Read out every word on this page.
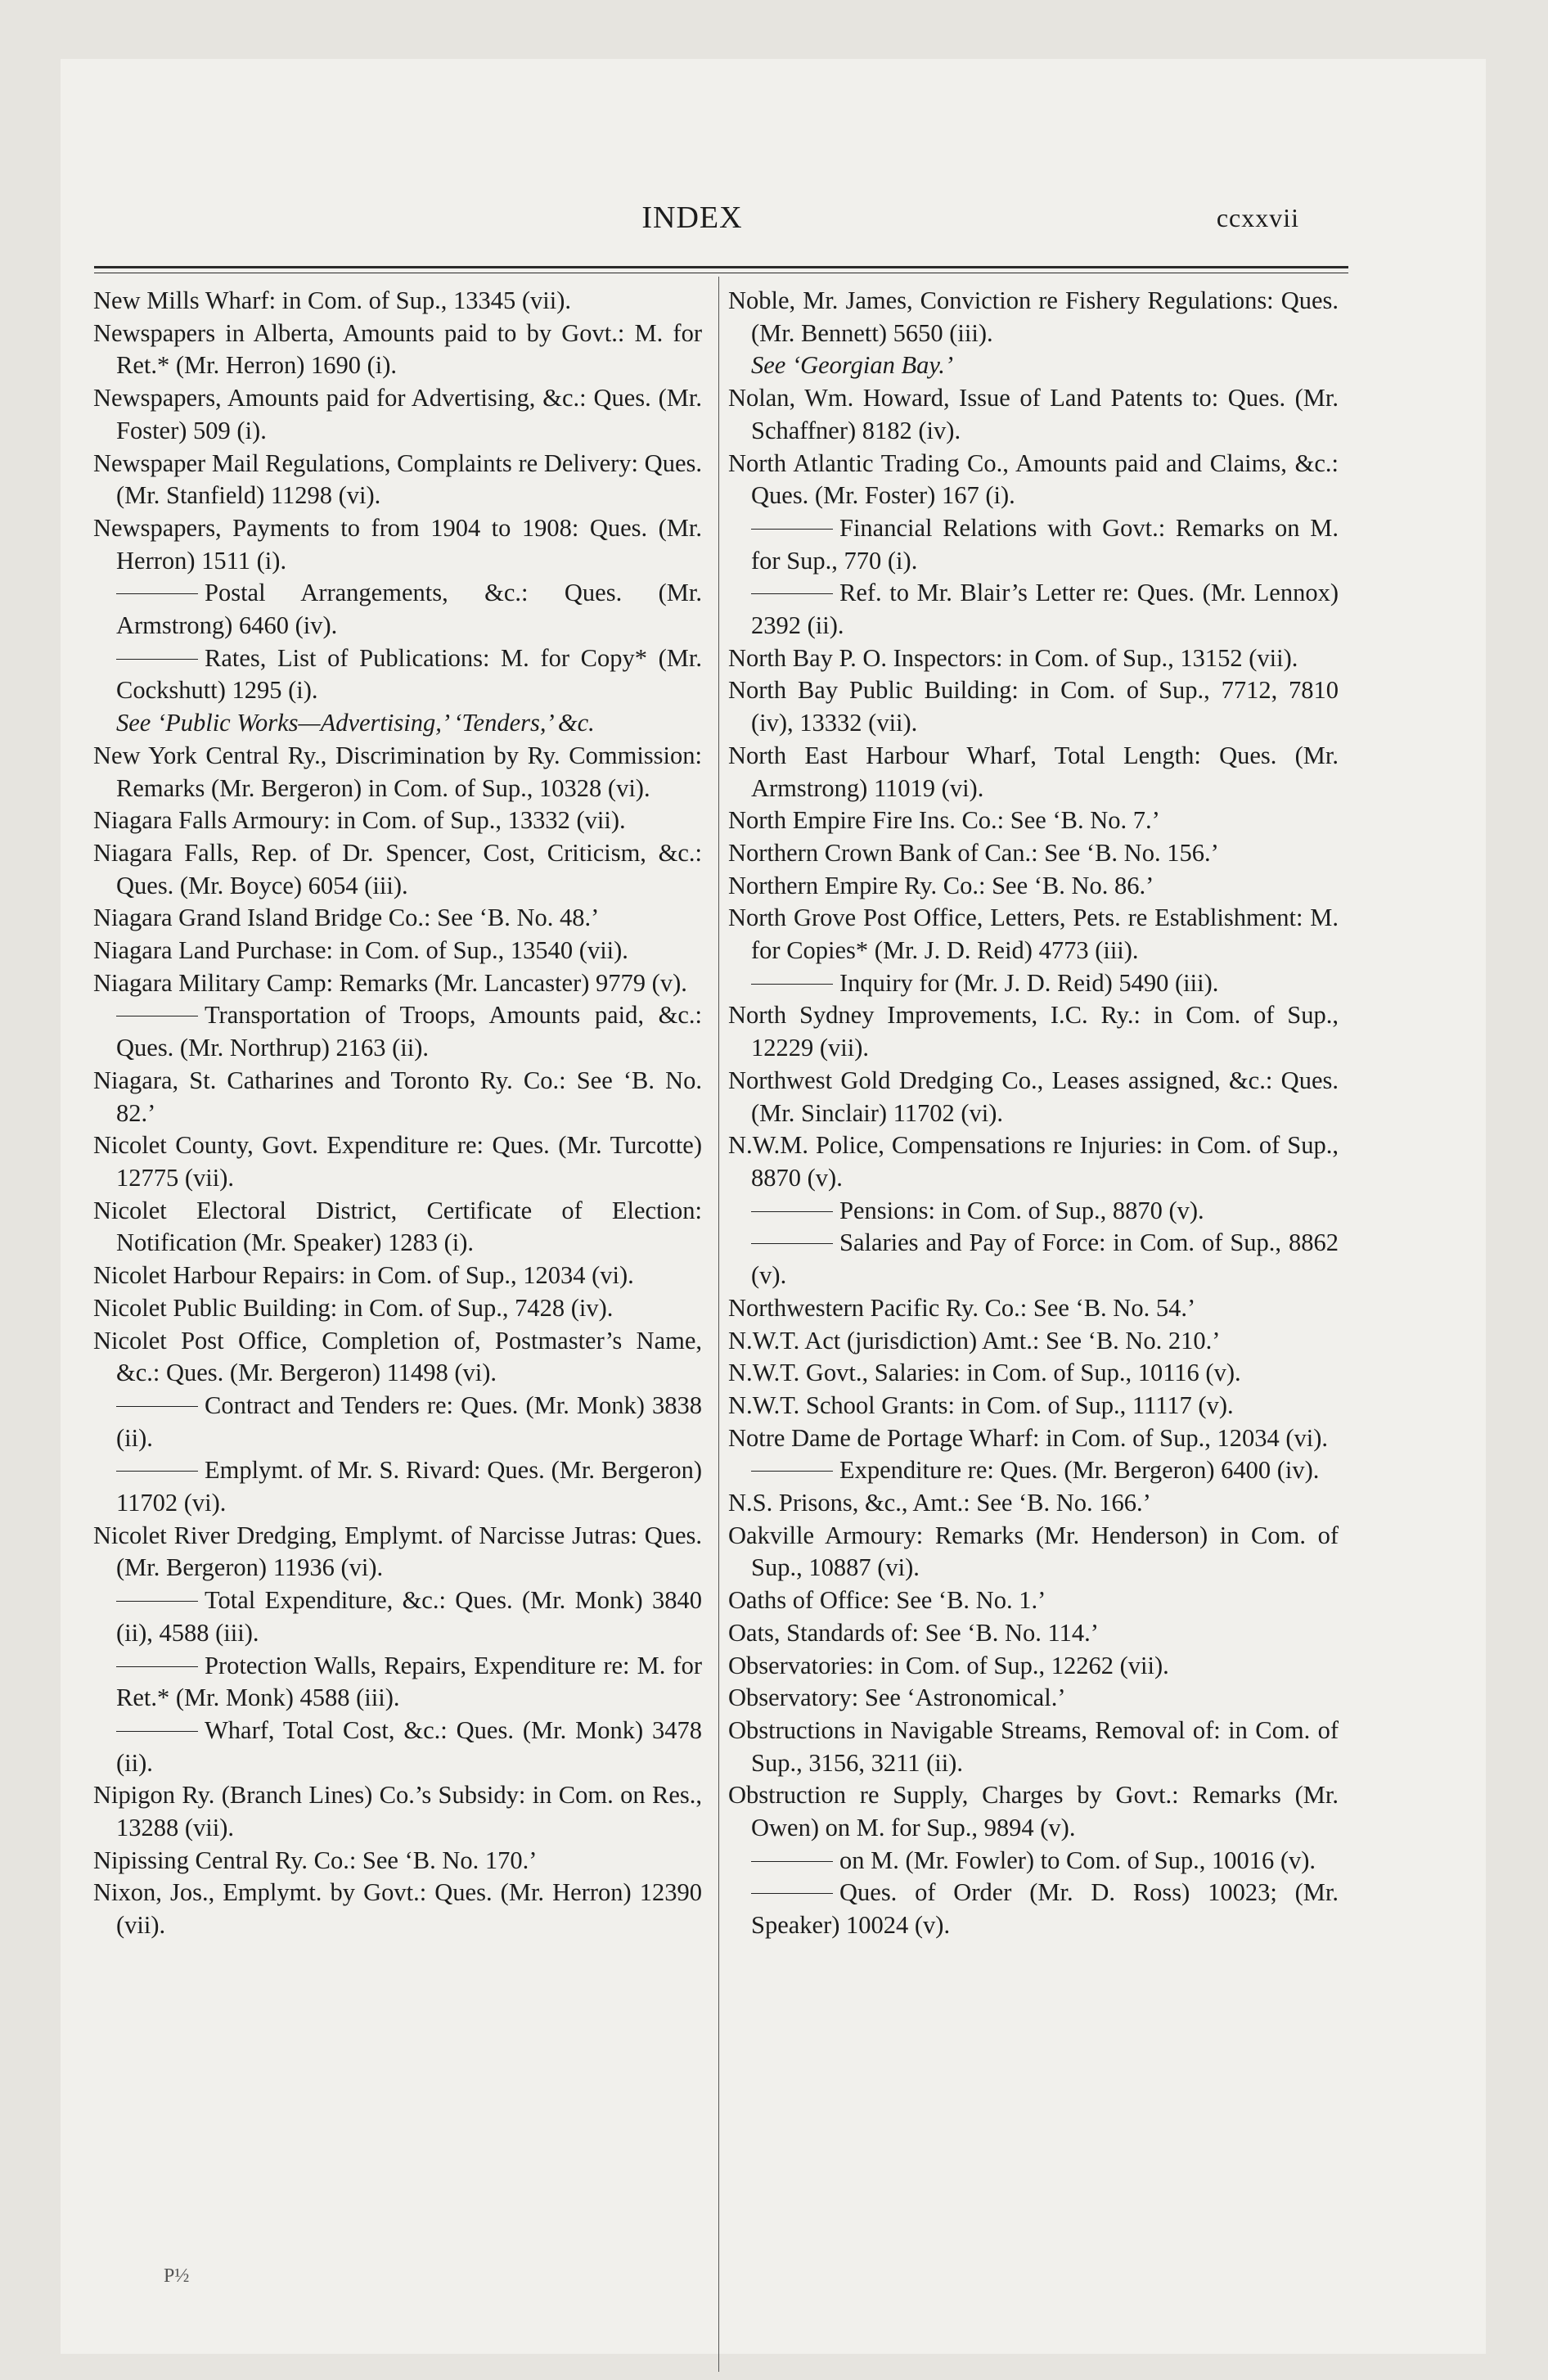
INDEX	ccxxvii

New Mills Wharf: in Com. of Sup., 13345 (vii).

Newspapers in Alberta, Amounts paid to by Govt.: M. for Ret.* (Mr. Herron) 1690 (i).

Newspapers, Amounts paid for Advertising, &c.: Ques. (Mr. Foster) 509 (i).

Newspaper Mail Regulations, Complaints re Delivery: Ques. (Mr. Stanfield) 11298 (vi).

Newspapers, Payments to from 1904 to 1908: Ques. (Mr. Herron) 1511 (i).

Postal Arrangements, &c.: Ques. (Mr. Armstrong) 6460 (iv).

Rates, List of Publications: M. for Copy* (Mr. Cockshutt) 1295 (i).

See ‘Public Works—Advertising,’ ‘Tenders,’ &c.

New York Central Ry., Discrimination by Ry. Commission: Remarks (Mr. Bergeron) in Com. of Sup., 10328 (vi).

Niagara Falls Armoury: in Com. of Sup., 13332 (vii).

Niagara Falls, Rep. of Dr. Spencer, Cost, Criticism, &c.: Ques. (Mr. Boyce) 6054 (iii).

Niagara Grand Island Bridge Co.: See ‘B. No. 48.’

Niagara Land Purchase: in Com. of Sup., 13540 (vii).

Niagara Military Camp: Remarks (Mr. Lancaster) 9779 (v).

Transportation of Troops, Amounts paid, &c.: Ques. (Mr. Northrup) 2163 (ii).

Niagara, St. Catharines and Toronto Ry. Co.: See ‘B. No. 82.’

Nicolet County, Govt. Expenditure re: Ques. (Mr. Turcotte) 12775 (vii).

Nicolet Electoral District, Certificate of Election: Notification (Mr. Speaker) 1283 (i).

Nicolet Harbour Repairs: in Com. of Sup., 12034 (vi).

Nicolet Public Building: in Com. of Sup., 7428 (iv).

Nicolet Post Office, Completion of, Postmaster’s Name, &c.: Ques. (Mr. Bergeron) 11498 (vi).

Contract and Tenders re: Ques. (Mr. Monk) 3838 (ii).

Emplymt. of Mr. S. Rivard: Ques. (Mr. Bergeron) 11702 (vi).

Nicolet River Dredging, Emplymt. of Narcisse Jutras: Ques. (Mr. Bergeron) 11936 (vi).

Total Expenditure, &c.: Ques. (Mr. Monk) 3840 (ii), 4588 (iii).

Protection Walls, Repairs, Expenditure re: M. for Ret.* (Mr. Monk) 4588 (iii).

Wharf, Total Cost, &c.: Ques. (Mr. Monk) 3478 (ii).

Nipigon Ry. (Branch Lines) Co.’s Subsidy: in Com. on Res., 13288 (vii).

Nipissing Central Ry. Co.: See ‘B. No. 170.’

Nixon, Jos., Emplymt. by Govt.: Ques. (Mr. Herron) 12390 (vii).

Noble, Mr. James, Conviction re Fishery Regulations: Ques. (Mr. Bennett) 5650 (iii).

See ‘Georgian Bay.’

Nolan, Wm. Howard, Issue of Land Patents to: Ques. (Mr. Schaffner) 8182 (iv).

North Atlantic Trading Co., Amounts paid and Claims, &c.: Ques. (Mr. Foster) 167 (i).

Financial Relations with Govt.: Remarks on M. for Sup., 770 (i).

Ref. to Mr. Blair’s Letter re: Ques. (Mr. Lennox) 2392 (ii).

North Bay P. O. Inspectors: in Com. of Sup., 13152 (vii).

North Bay Public Building: in Com. of Sup., 7712, 7810 (iv), 13332 (vii).

North East Harbour Wharf, Total Length: Ques. (Mr. Armstrong) 11019 (vi).

North Empire Fire Ins. Co.: See ‘B. No. 7.’

Northern Crown Bank of Can.: See ‘B. No. 156.’

Northern Empire Ry. Co.: See ‘B. No. 86.’

North Grove Post Office, Letters, Pets. re Establishment: M. for Copies* (Mr. J. D. Reid) 4773 (iii).

Inquiry for (Mr. J. D. Reid) 5490 (iii).

North Sydney Improvements, I.C. Ry.: in Com. of Sup., 12229 (vii).

Northwest Gold Dredging Co., Leases assigned, &c.: Ques. (Mr. Sinclair) 11702 (vi).

N.W.M. Police, Compensations re Injuries: in Com. of Sup., 8870 (v).

Pensions: in Com. of Sup., 8870 (v).

Salaries and Pay of Force: in Com. of Sup., 8862 (v).

Northwestern Pacific Ry. Co.: See ‘B. No. 54.’

N.W.T. Act (jurisdiction) Amt.: See ‘B. No. 210.’

N.W.T. Govt., Salaries: in Com. of Sup., 10116 (v).

N.W.T. School Grants: in Com. of Sup., 11117 (v).

Notre Dame de Portage Wharf: in Com. of Sup., 12034 (vi).

Expenditure re: Ques. (Mr. Bergeron) 6400 (iv).

N.S. Prisons, &c., Amt.: See ‘B. No. 166.’

Oakville Armoury: Remarks (Mr. Henderson) in Com. of Sup., 10887 (vi).

Oaths of Office: See ‘B. No. 1.’

Oats, Standards of: See ‘B. No. 114.’

Observatories: in Com. of Sup., 12262 (vii).

Observatory: See ‘Astronomical.’

Obstructions in Navigable Streams, Removal of: in Com. of Sup., 3156, 3211 (ii).

Obstruction re Supply, Charges by Govt.: Remarks (Mr. Owen) on M. for Sup., 9894 (v).

on M. (Mr. Fowler) to Com. of Sup., 10016 (v).

Ques. of Order (Mr. D. Ross) 10023; (Mr. Speaker) 10024 (v).

P½
